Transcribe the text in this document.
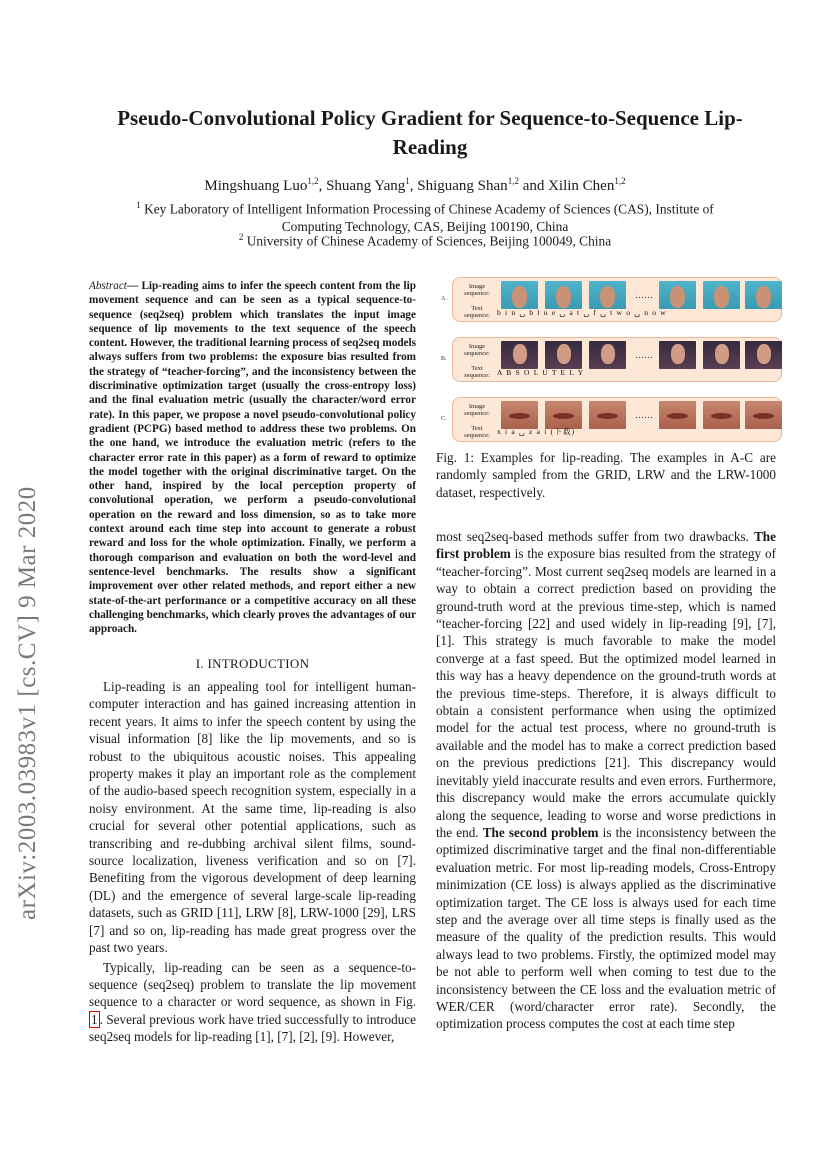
arXiv:2003.03983v1 [cs.CV] 9 Mar 2020
Pseudo-Convolutional Policy Gradient for Sequence-to-Sequence Lip-Reading
Mingshuang Luo$^{1,2}$, Shuang Yang$^1$, Shiguang Shan$^{1,2}$ and Xilin Chen$^{1,2}$
$^1$ Key Laboratory of Intelligent Information Processing of Chinese Academy of Sciences (CAS), Institute of Computing Technology, CAS, Beijing 100190, China
$^2$ University of Chinese Academy of Sciences, Beijing 100049, China
Abstract— Lip-reading aims to infer the speech content from the lip movement sequence and can be seen as a typical sequence-to-sequence (seq2seq) problem which translates the input image sequence of lip movements to the text sequence of the speech content. However, the traditional learning process of seq2seq models always suffers from two problems: the exposure bias resulted from the strategy of “teacher-forcing”, and the inconsistency between the discriminative optimization target (usually the cross-entropy loss) and the final evaluation metric (usually the character/word error rate). In this paper, we propose a novel pseudo-convolutional policy gradient (PCPG) based method to address these two problems. On the one hand, we introduce the evaluation metric (refers to the character error rate in this paper) as a form of reward to optimize the model together with the original discriminative target. On the other hand, inspired by the local perception property of convolutional operation, we perform a pseudo-convolutional operation on the reward and loss dimension, so as to take more context around each time step into account to generate a robust reward and loss for the whole optimization. Finally, we perform a thorough comparison and evaluation on both the word-level and sentence-level benchmarks. The results show a significant improvement over other related methods, and report either a new state-of-the-art performance or a competitive accuracy on all these challenging benchmarks, which clearly proves the advantages of our approach.
I. INTRODUCTION

Lip-reading is an appealing tool for intelligent human-computer interaction and has gained increasing attention in recent years. It aims to infer the speech content by using the visual information [8] like the lip movements, and so is robust to the ubiquitous acoustic noises. This appealing property makes it play an important role as the complement of the audio-based speech recognition system, especially in a noisy environment. At the same time, lip-reading is also crucial for several other potential applications, such as transcribing and re-dubbing archival silent films, sound-source localization, liveness verification and so on [7]. Benefiting from the vigorous development of deep learning (DL) and the emergence of several large-scale lip-reading datasets, such as GRID [11], LRW [8], LRW-1000 [29], LRS [7] and so on, lip-reading has made great progress over the past two years.

Typically, lip-reading can be seen as a sequence-to-sequence (seq2seq) problem to translate the lip movement sequence to a character or word sequence, as shown in Fig. 1 . Several previous work have tried successfully to introduce seq2seq models for lip-reading [1], [7], [2], [9]. However,

A.
Image sequence:
Text sequence:
……
b i n ␣ b l u e ␣ a t ␣ f ␣ t w o ␣ n o w
B.
Image sequence:
Text sequence:
……
A B S O L U T E L Y
C.
Image sequence:
Text sequence:
……
x i a ␣ z a i (下载)
Fig. 1: Examples for lip-reading. The examples in A-C are randomly sampled from the GRID, LRW and the LRW-1000 dataset, respectively.

most seq2seq-based methods suffer from two drawbacks. The first problem is the exposure bias resulted from the strategy of “teacher-forcing”. Most current seq2seq models are learned in a way to obtain a correct prediction based on providing the ground-truth word at the previous time-step, which is named “teacher-forcing [22] and used widely in lip-reading [9], [7], [1]. This strategy is much favorable to make the model converge at a fast speed. But the optimized model learned in this way has a heavy dependence on the ground-truth words at the previous time-steps. Therefore, it is always difficult to obtain a consistent performance when using the optimized model for the actual test process, where no ground-truth is available and the model has to make a correct prediction based on the previous predictions [21]. This discrepancy would inevitably yield inaccurate results and even errors. Furthermore, this discrepancy would make the errors accumulate quickly along the sequence, leading to worse and worse predictions in the end. The second problem is the inconsistency between the optimized discriminative target and the final non-differentiable evaluation metric. For most lip-reading models, Cross-Entropy minimization (CE loss) is always applied as the discriminative optimization target. The CE loss is always used for each time step and the average over all time steps is finally used as the measure of the quality of the prediction results. This would always lead to two problems. Firstly, the optimized model may be not able to perform well when coming to test due to the inconsistency between the CE loss and the evaluation metric of WER/CER (word/character error rate). Secondly, the optimization process computes the cost at each time step
